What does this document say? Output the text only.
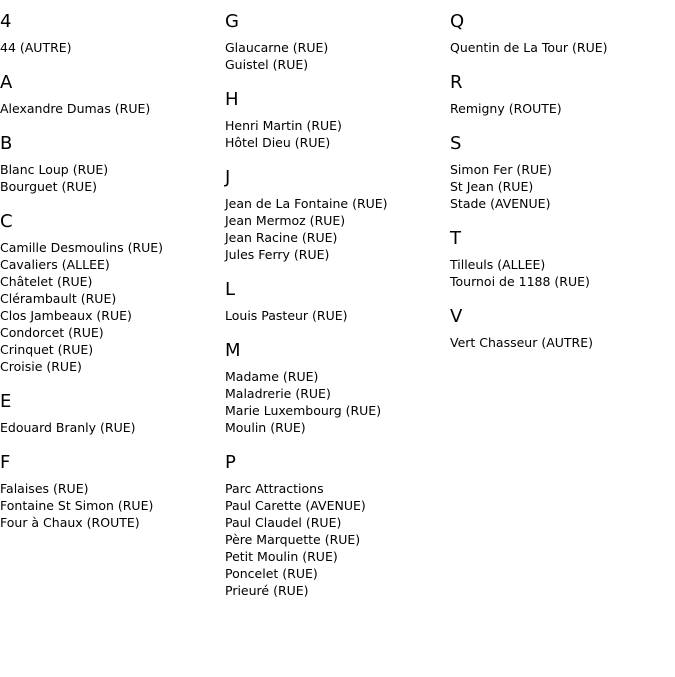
4
44 (AUTRE)
A
Alexandre Dumas (RUE)
B
Blanc Loup (RUE)
Bourguet (RUE)
C
Camille Desmoulins (RUE)
Cavaliers (ALLEE)
Châtelet (RUE)
Clérambault (RUE)
Clos Jambeaux (RUE)
Condorcet (RUE)
Crinquet (RUE)
Croisie (RUE)
E
Edouard Branly (RUE)
F
Falaises (RUE)
Fontaine St Simon (RUE)
Four à Chaux (ROUTE)
G
Glaucarne (RUE)
Guistel (RUE)
H
Henri Martin (RUE)
Hôtel Dieu (RUE)
J
Jean de La Fontaine (RUE)
Jean Mermoz (RUE)
Jean Racine (RUE)
Jules Ferry (RUE)
L
Louis Pasteur (RUE)
M
Madame (RUE)
Maladrerie (RUE)
Marie Luxembourg (RUE)
Moulin (RUE)
P
Parc Attractions
Paul Carette (AVENUE)
Paul Claudel (RUE)
Père Marquette (RUE)
Petit Moulin (RUE)
Poncelet (RUE)
Prieuré (RUE)
Q
Quentin de La Tour (RUE)
R
Remigny (ROUTE)
S
Simon Fer (RUE)
St Jean (RUE)
Stade (AVENUE)
T
Tilleuls (ALLEE)
Tournoi de 1188 (RUE)
V
Vert Chasseur (AUTRE)
